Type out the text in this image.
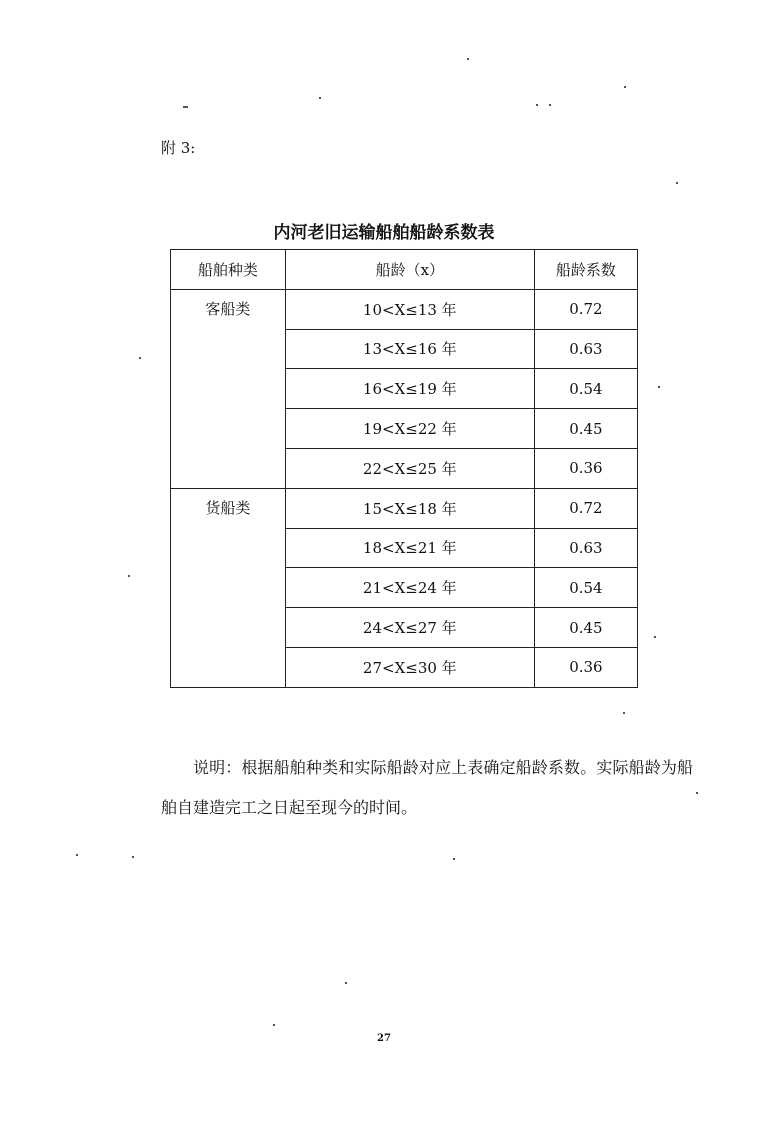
附 3:
内河老旧运输船舶船龄系数表
船舶种类	船龄（x）	船龄系数
客船类	10<X≤13 年	0.72
	13<X≤16 年	0.63
	16<X≤19 年	0.54
	19<X≤22 年	0.45
	22<X≤25 年	0.36
货船类	15<X≤18 年	0.72
	18<X≤21 年	0.63
	21<X≤24 年	0.54
	24<X≤27 年	0.45
	27<X≤30 年	0.36
说明：根据船舶种类和实际船龄对应上表确定船龄系数。实际船龄为船舶自建造完工之日起至现今的时间。
27
